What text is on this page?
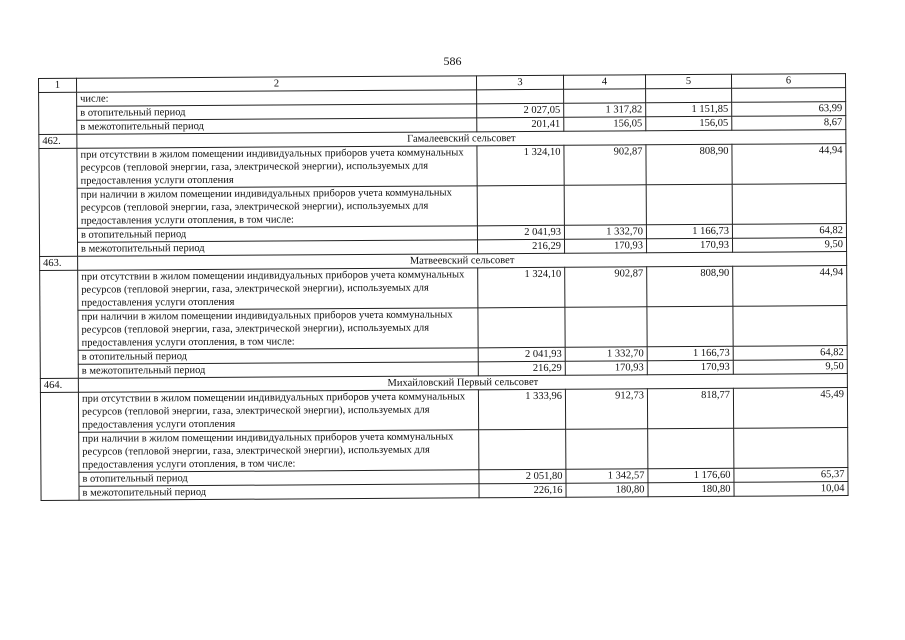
586
1	2	3	4	5	6
	числе:				
	в отопительный период	2 027,05	1 317,82	1 151,85	63,99
	в межотопительный период	201,41	156,05	156,05	8,67
462.	Гамалеевский сельсовет				
	при отсутствии в жилом помещении индивидуальных приборов учета коммунальных ресурсов (тепловой энергии, газа, электрической энергии), используемых для предоставления услуги отопления	1 324,10	902,87	808,90	44,94
	при наличии в жилом помещении индивидуальных приборов учета коммунальных ресурсов (тепловой энергии, газа, электрической энергии), используемых для предоставления услуги отопления, в том числе:				
	в отопительный период	2 041,93	1 332,70	1 166,73	64,82
	в межотопительный период	216,29	170,93	170,93	9,50
463.	Матвеевский сельсовет				
	при отсутствии в жилом помещении индивидуальных приборов учета коммунальных ресурсов (тепловой энергии, газа, электрической энергии), используемых для предоставления услуги отопления	1 324,10	902,87	808,90	44,94
	при наличии в жилом помещении индивидуальных приборов учета коммунальных ресурсов (тепловой энергии, газа, электрической энергии), используемых для предоставления услуги отопления, в том числе:				
	в отопительный период	2 041,93	1 332,70	1 166,73	64,82
	в межотопительный период	216,29	170,93	170,93	9,50
464.	Михайловский Первый сельсовет				
	при отсутствии в жилом помещении индивидуальных приборов учета коммунальных ресурсов (тепловой энергии, газа, электрической энергии), используемых для предоставления услуги отопления	1 333,96	912,73	818,77	45,49
	при наличии в жилом помещении индивидуальных приборов учета коммунальных ресурсов (тепловой энергии, газа, электрической энергии), используемых для предоставления услуги отопления, в том числе:				
	в отопительный период	2 051,80	1 342,57	1 176,60	65,37
	в межотопительный период	226,16	180,80	180,80	10,04
